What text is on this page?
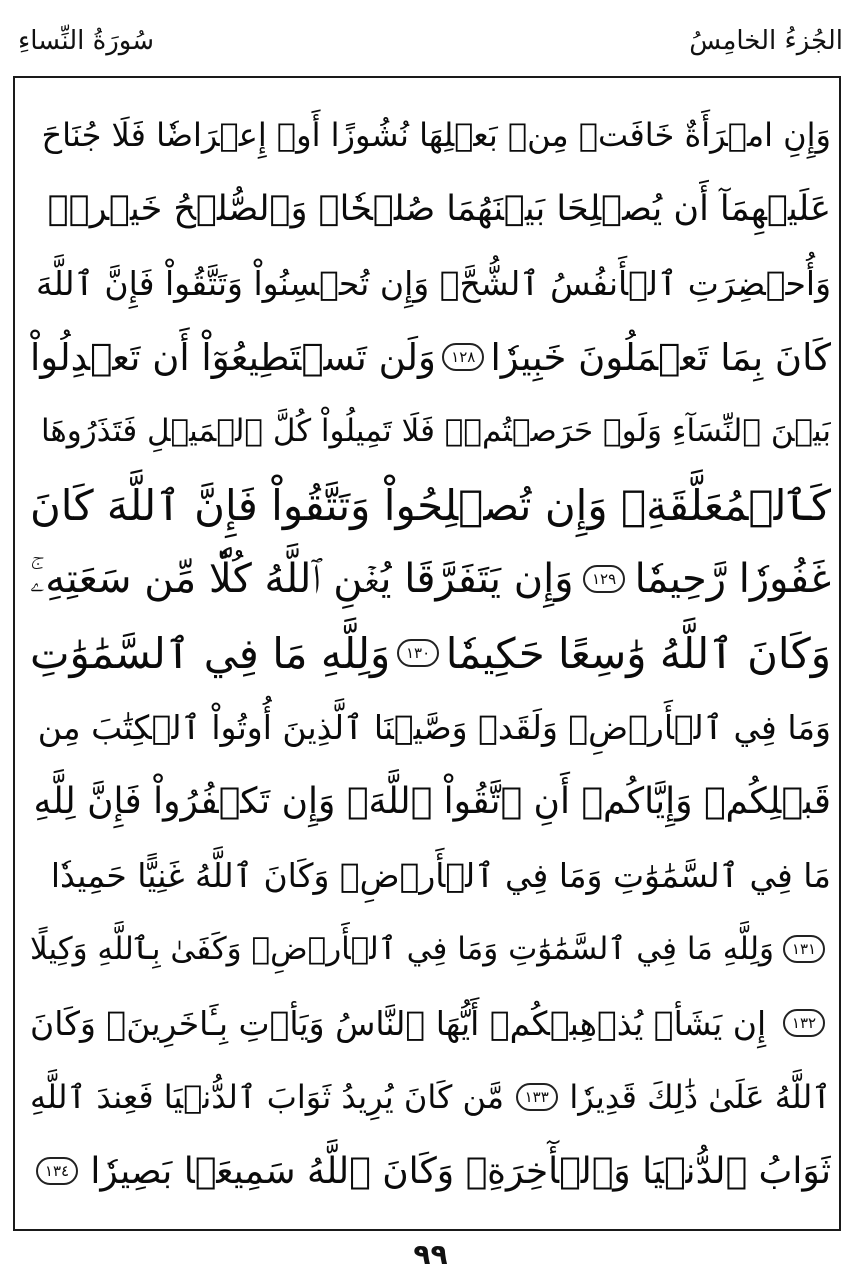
سُورَةُ النِّساءِ	الجُزءُ الخامِسُ
وَإِنِ امۡرَأَةٌ خَافَتۡ مِنۢ بَعۡلِهَا نُشُوزًا أَوۡ إِعۡرَاضٗا فَلَا جُنَاحَ
عَلَيۡهِمَآ أَن يُصۡلِحَا بَيۡنَهُمَا صُلۡحٗاۚ وَٱلصُّلۡحُ خَيۡرٞۗ
وَأُحۡضِرَتِ ٱلۡأَنفُسُ ٱلشُّحَّۚ وَإِن تُحۡسِنُواْ وَتَتَّقُواْ فَإِنَّ ٱللَّهَ
كَانَ بِمَا تَعۡمَلُونَ خَبِيرٗا
١٢٨
وَلَن تَسۡتَطِيعُوٓاْ أَن تَعۡدِلُواْ
بَيۡنَ ٱلنِّسَآءِ وَلَوۡ حَرَصۡتُمۡۖ فَلَا تَمِيلُواْ كُلَّ ٱلۡمَيۡلِ فَتَذَرُوهَا
كَٱلۡمُعَلَّقَةِۚ وَإِن تُصۡلِحُواْ وَتَتَّقُواْ فَإِنَّ ٱللَّهَ كَانَ
غَفُورٗا رَّحِيمٗا
١٢٩
وَإِن يَتَفَرَّقَا يُغۡنِ ٱللَّهُ كُلّٗا مِّن سَعَتِهِۦۚ
وَكَانَ ٱللَّهُ وَٰسِعًا حَكِيمٗا
١٣٠
وَلِلَّهِ مَا فِي ٱلسَّمَٰوَٰتِ
وَمَا فِي ٱلۡأَرۡضِۗ وَلَقَدۡ وَصَّيۡنَا ٱلَّذِينَ أُوتُواْ ٱلۡكِتَٰبَ مِن
قَبۡلِكُمۡ وَإِيَّاكُمۡ أَنِ ٱتَّقُواْ ٱللَّهَۚ وَإِن تَكۡفُرُواْ فَإِنَّ لِلَّهِ
مَا فِي ٱلسَّمَٰوَٰتِ وَمَا فِي ٱلۡأَرۡضِۚ وَكَانَ ٱللَّهُ غَنِيًّا حَمِيدٗا
١٣١
وَلِلَّهِ مَا فِي ٱلسَّمَٰوَٰتِ وَمَا فِي ٱلۡأَرۡضِۚ وَكَفَىٰ بِٱللَّهِ وَكِيلًا
١٣٢
إِن يَشَأۡ يُذۡهِبۡكُمۡ أَيُّهَا ٱلنَّاسُ وَيَأۡتِ بِـَٔاخَرِينَۚ وَكَانَ
ٱللَّهُ عَلَىٰ ذَٰلِكَ قَدِيرٗا
١٣٣
مَّن كَانَ يُرِيدُ ثَوَابَ ٱلدُّنۡيَا فَعِندَ ٱللَّهِ
ثَوَابُ ٱلدُّنۡيَا وَٱلۡأٓخِرَةِۚ وَكَانَ ٱللَّهُ سَمِيعَۢا بَصِيرٗا
١٣٤
٩٩
